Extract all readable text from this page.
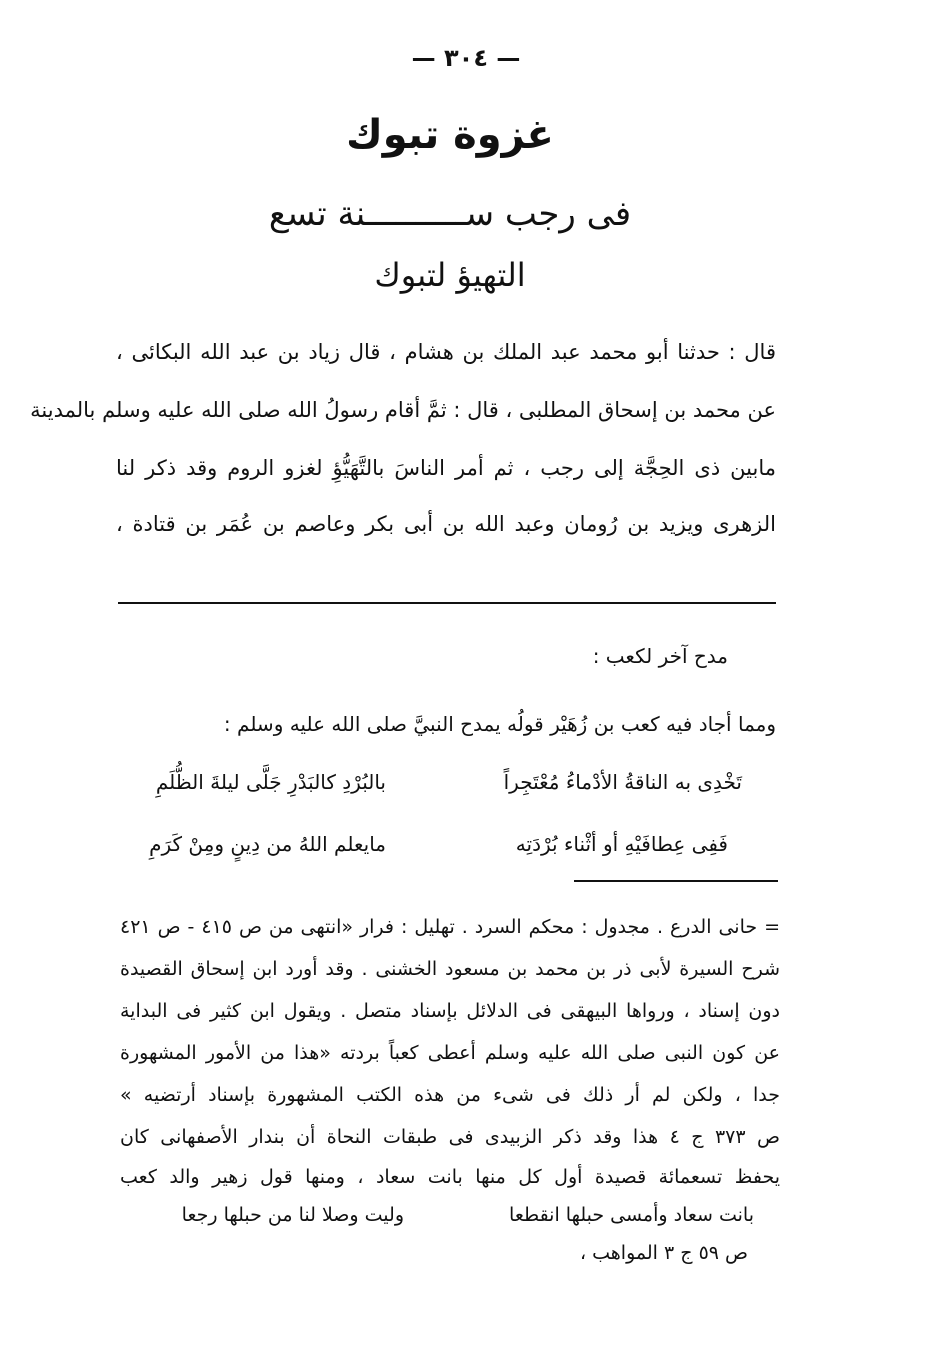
— ٣٠٤ —
غزوة تبوك
فى رجب ســــــــــنة تسع
التهيؤ لتبوك
قال : حدثنا أبو محمد عبد الملك بن هشام ، قال زياد بن عبد الله البكائى ،
عن محمد بن إسحاق المطلبى ، قال : ثمَّ أقام رسولُ الله صلى الله عليه وسلم بالمدينة
مابين ذى الحِجَّة إلى رجب ، ثم أمر الناسَ بالتَّهَيُّؤِ لغزو الروم وقد ذكر لنا
الزهرى ويزيد بن رُومان وعبد الله بن أبى بكر وعاصم بن عُمَر بن قتادة ،
مدح آخر لكعب :
ومما أجاد فيه كعب بن زُهَيْر قولُه يمدح النبيَّ صلى الله عليه وسلم :
تَخْدِى به الناقةُ الأدْماءُ مُعْتَجِراً
بالبُرْدِ كالبَدْرِ جَلَّى ليلةَ الظُّلَمِ
فَفِى عِطافَيْهِ أو أثْناء بُرْدَتِه
مايعلم اللهُ من دِينٍ ومِنْ كَرَمِ
= حانى الدرع . مجدول : محكم السرد . تهليل : فرار «انتهى من ص ٤١٥ - ص ٤٢١
شرح السيرة لأبى ذر بن محمد بن مسعود الخشنى . وقد أورد ابن إسحاق القصيدة
دون إسناد ، ورواها البيهقى فى الدلائل بإسناد متصل . ويقول ابن كثير فى البداية
عن كون النبى صلى الله عليه وسلم أعطى كعباً بردته «هذا من الأمور المشهورة
جدا ، ولكن لم أر ذلك فى شىء من هذه الكتب المشهورة بإسناد أرتضيه »
ص ٣٧٣ ج ٤ هذا وقد ذكر الزبيدى فى طبقات النحاة أن بندار الأصفهانى كان
يحفظ تسعمائة قصيدة أول كل منها بانت سعاد ، ومنها قول زهير والد كعب
بانت سعاد وأمسى حبلها انقطعا
وليت وصلا لنا من حبلها رجعا
ص ٥٩ ج ٣ المواهب ،
